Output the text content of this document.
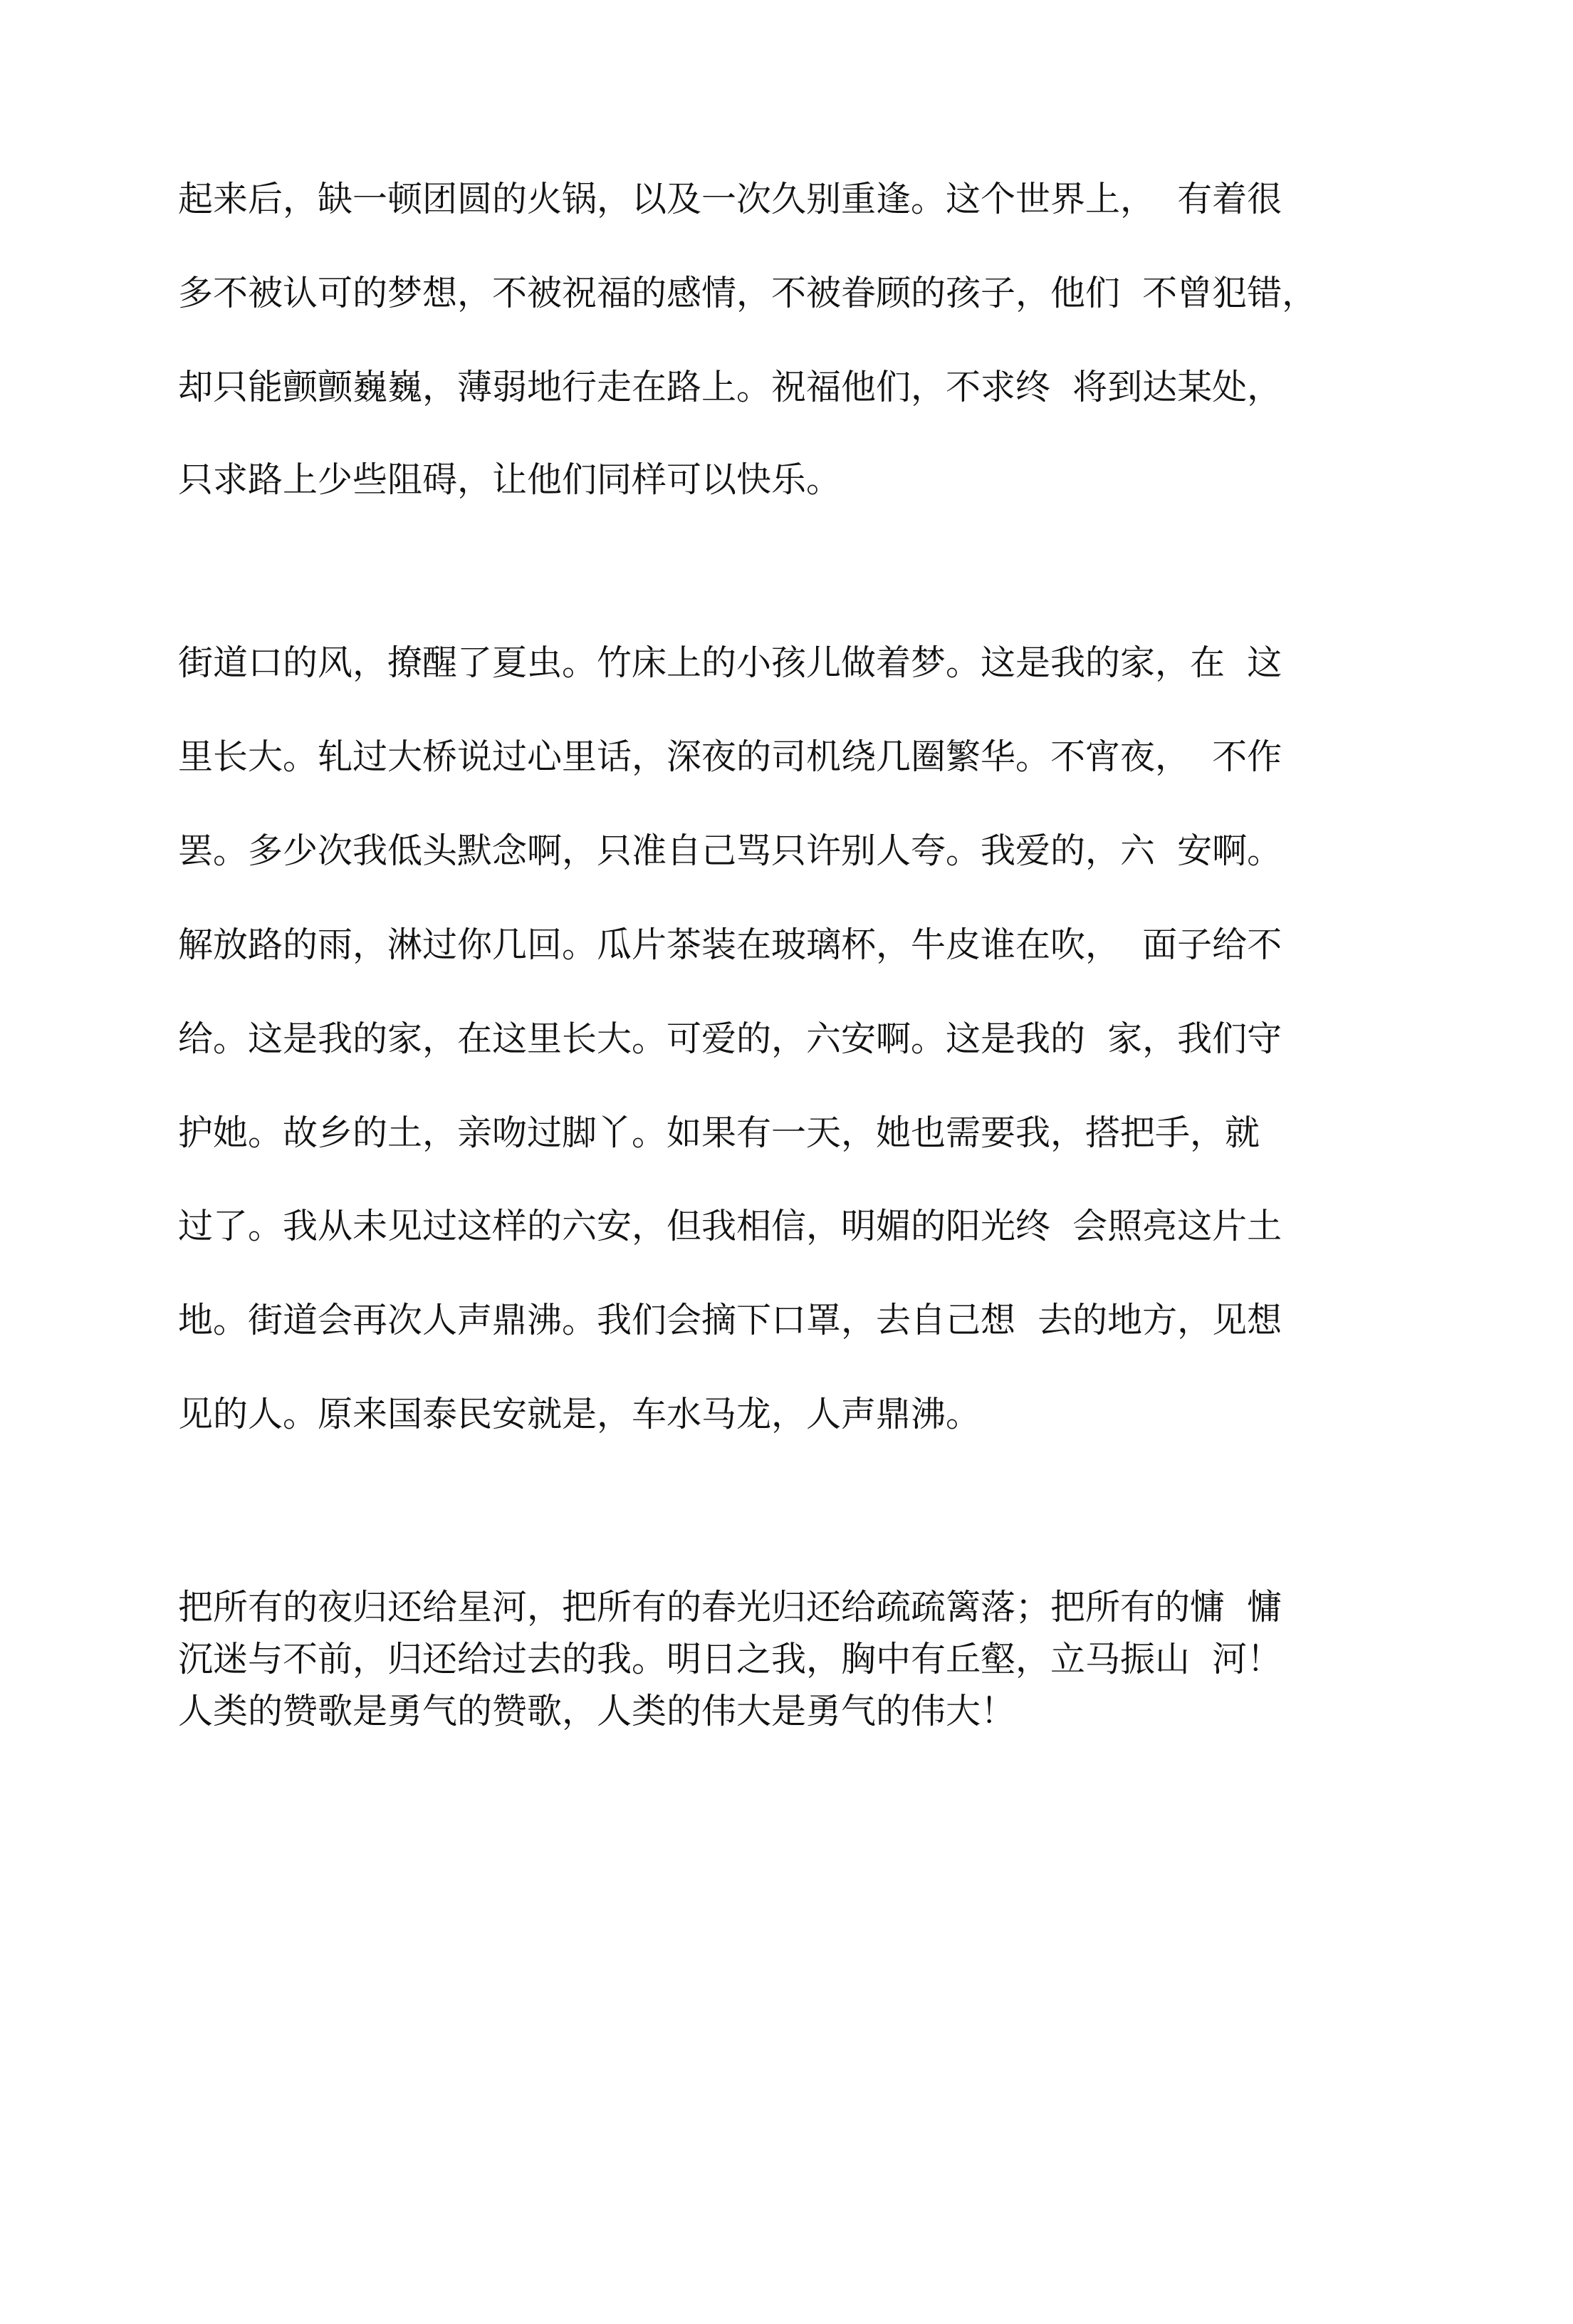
起来后，缺一顿团圆的火锅，以及一次久别重逢。这个世界上，  有着很
多不被认可的梦想，不被祝福的感情，不被眷顾的孩子，他们  不曾犯错，
却只能颤颤巍巍，薄弱地行走在路上。祝福他们，不求终  将到达某处，
只求路上少些阻碍，让他们同样可以快乐。
街道口的风，撩醒了夏虫。竹床上的小孩儿做着梦。这是我的家，在  这
里长大。轧过大桥说过心里话，深夜的司机绕几圈繁华。不宵夜，  不作
罢。多少次我低头默念啊，只准自己骂只许别人夸。我爱的，六  安啊。
解放路的雨，淋过你几回。瓜片茶装在玻璃杯，牛皮谁在吹，  面子给不
给。这是我的家，在这里长大。可爱的，六安啊。这是我的  家，我们守
护她。故乡的土，亲吻过脚丫。如果有一天，她也需要我，搭把手，就
过了。我从未见过这样的六安，但我相信，明媚的阳光终  会照亮这片土
地。街道会再次人声鼎沸。我们会摘下口罩，去自己想  去的地方，见想
见的人。原来国泰民安就是，车水马龙，人声鼎沸。
把所有的夜归还给星河，把所有的春光归还给疏疏篱落；把所有的慵  慵
沉迷与不前，归还给过去的我。明日之我，胸中有丘壑，立马振山  河！
人类的赞歌是勇气的赞歌，人类的伟大是勇气的伟大！
